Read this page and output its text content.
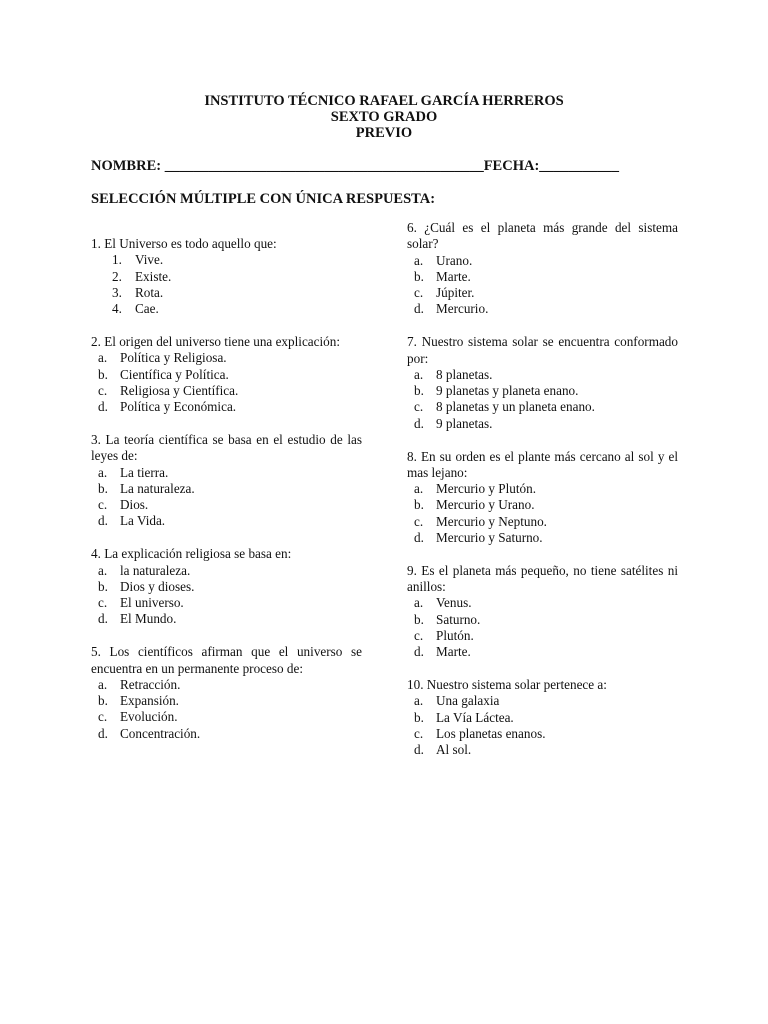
INSTITUTO TÉCNICO RAFAEL GARCÍA HERREROS
SEXTO GRADO
PREVIO
NOMBRE: ____________________________________________FECHA:___________
SELECCIÓN MÚLTIPLE CON ÚNICA RESPUESTA:
1. El Universo es todo aquello que:
1. Vive.
2. Existe.
3. Rota.
4. Cae.
2. El origen del universo tiene una explicación:
a. Política y Religiosa.
b. Científica y Política.
c. Religiosa y Científica.
d. Política y Económica.
3. La teoría científica se basa en el estudio de las leyes de:
a. La tierra.
b. La naturaleza.
c. Dios.
d. La Vida.
4. La explicación religiosa se basa en:
a. la naturaleza.
b. Dios y dioses.
c. El universo.
d. El Mundo.
5. Los científicos afirman que el universo se encuentra en un permanente proceso de:
a. Retracción.
b. Expansión.
c. Evolución.
d. Concentración.
6. ¿Cuál es el planeta más grande del sistema solar?
a. Urano.
b. Marte.
c. Júpiter.
d. Mercurio.
7. Nuestro sistema solar se encuentra conformado por:
a. 8 planetas.
b. 9 planetas y planeta enano.
c. 8 planetas y un planeta enano.
d. 9 planetas.
8. En su orden es el plante más cercano al sol y el mas lejano:
a. Mercurio y Plutón.
b. Mercurio y Urano.
c. Mercurio y Neptuno.
d. Mercurio y Saturno.
9. Es el planeta más pequeño, no tiene satélites ni anillos:
a. Venus.
b. Saturno.
c. Plutón.
d. Marte.
10. Nuestro sistema solar pertenece a:
a. Una galaxia
b. La Vía Láctea.
c. Los planetas enanos.
d. Al sol.
